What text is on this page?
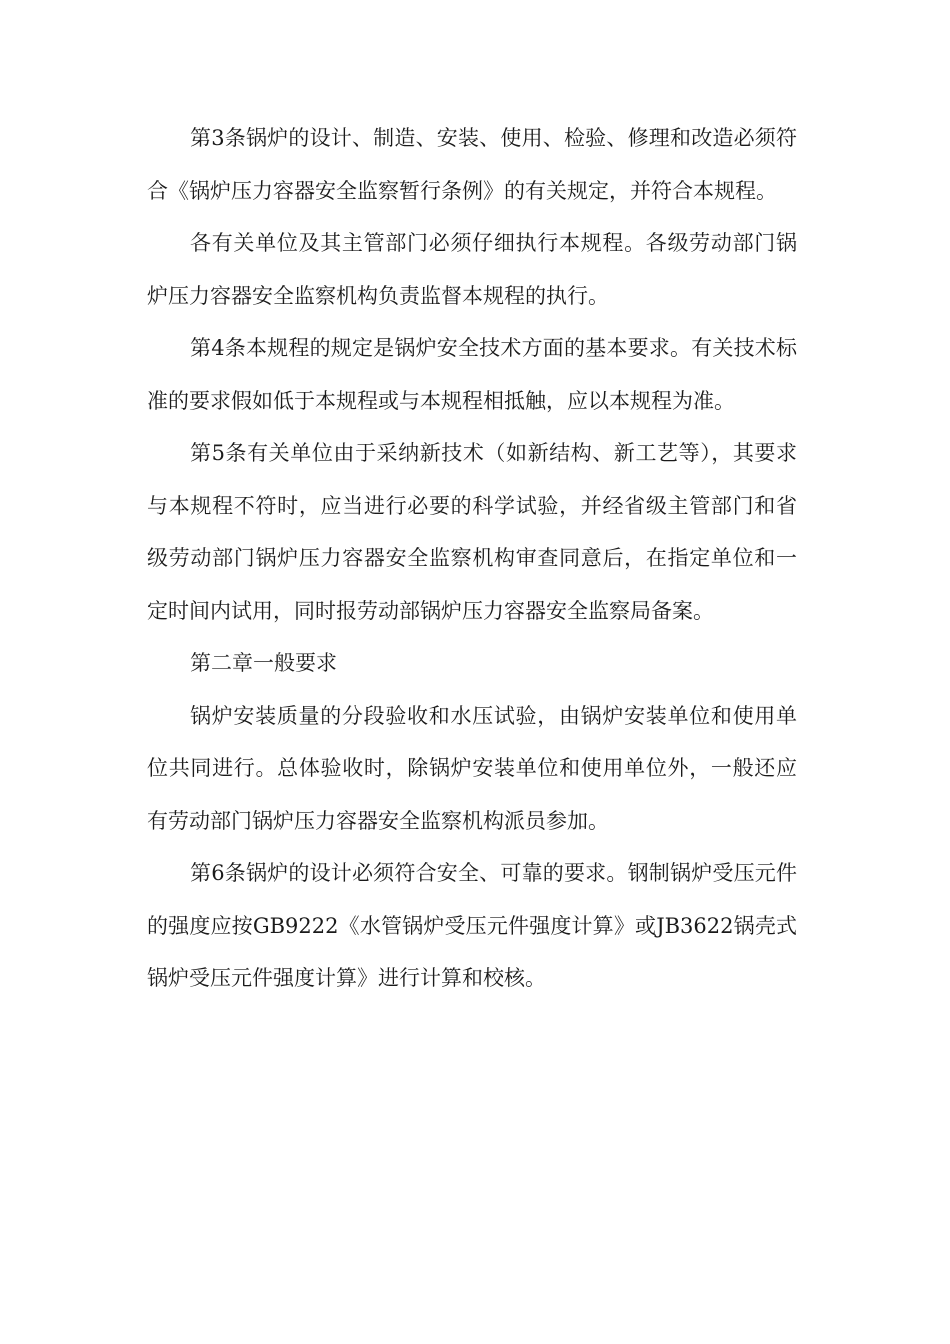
第3条锅炉的设计、制造、安装、使用、检验、修理和改造必须符合《锅炉压力容器安全监察暂行条例》的有关规定，并符合本规程。

各有关单位及其主管部门必须仔细执行本规程。各级劳动部门锅炉压力容器安全监察机构负责监督本规程的执行。

第4条本规程的规定是锅炉安全技术方面的基本要求。有关技术标准的要求假如低于本规程或与本规程相抵触，应以本规程为准。

第5条有关单位由于采纳新技术（如新结构、新工艺等），其要求与本规程不符时，应当进行必要的科学试验，并经省级主管部门和省级劳动部门锅炉压力容器安全监察机构审查同意后，在指定单位和一定时间内试用，同时报劳动部锅炉压力容器安全监察局备案。

第二章一般要求

锅炉安装质量的分段验收和水压试验，由锅炉安装单位和使用单位共同进行。总体验收时，除锅炉安装单位和使用单位外，一般还应有劳动部门锅炉压力容器安全监察机构派员参加。

第6条锅炉的设计必须符合安全、可靠的要求。钢制锅炉受压元件的强度应按GB9222《水管锅炉受压元件强度计算》或JB3622锅壳式锅炉受压元件强度计算》进行计算和校核。
